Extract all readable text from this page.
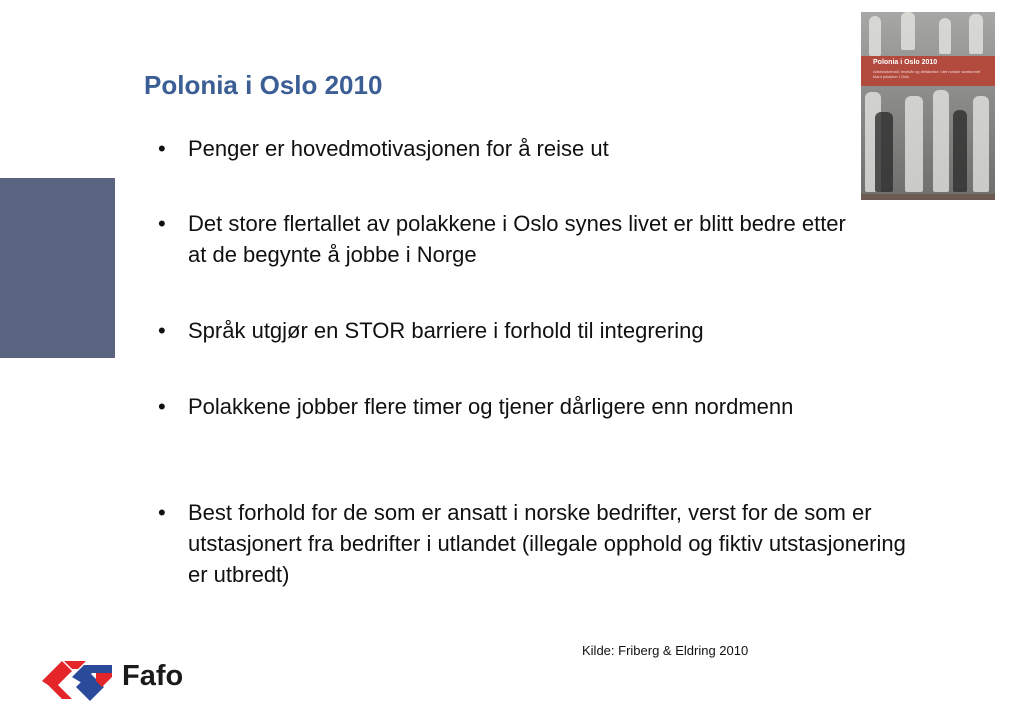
Polonia i Oslo 2010
Polonia i Oslo 2010
Arbeidsforhold, levekår og deltakelse i det norske samfunnet blant polakker i Oslo
• Penger er hovedmotivasjonen for å reise ut
• Det store flertallet av polakkene i Oslo synes livet er blitt bedre etter at de begynte å jobbe i Norge
• Språk utgjør en STOR barriere i forhold til integrering
• Polakkene jobber flere timer og tjener dårligere enn nordmenn
• Best forhold for de som er ansatt i norske bedrifter, verst for de som er utstasjonert fra bedrifter i utlandet (illegale opphold og fiktiv utstasjonering er utbredt)
Kilde: Friberg & Eldring 2010
Fafo
